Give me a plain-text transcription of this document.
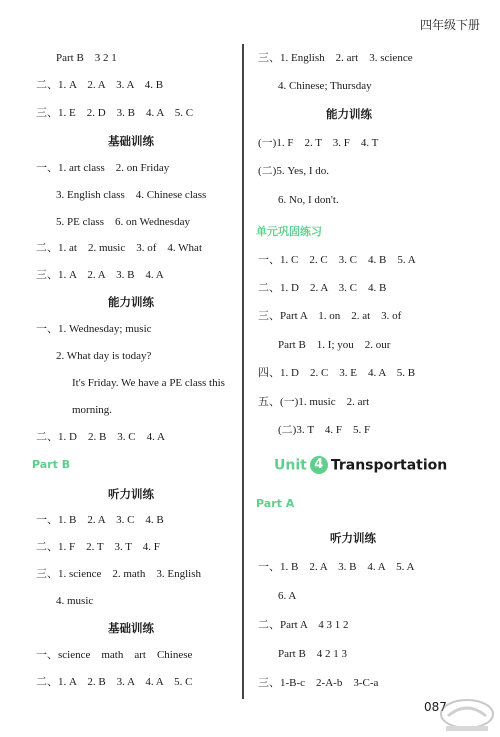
四年级下册
Part B　3 2 1
二、1. A　2. A　3. A　4. B
三、1. E　2. D　3. B　4. A　5. C
基础训练
一、1. art class　2. on Friday
3. English class　4. Chinese class
5. PE class　6. on Wednesday
二、1. at　2. music　3. of　4. What
三、1. A　2. A　3. B　4. A
能力训练
一、1. Wednesday; music
2. What day is today?
It's Friday. We have a PE class this
morning.
二、1. D　2. B　3. C　4. A
Part B
听力训练
一、1. B　2. A　3. C　4. B
二、1. F　2. T　3. T　4. F
三、1. science　2. math　3. English
4. music
基础训练
一、science　math　art　Chinese
二、1. A　2. B　3. A　4. A　5. C
三、1. English　2. art　3. science
4. Chinese; Thursday
能力训练
(一)1. F　2. T　3. F　4. T
(二)5. Yes, I do.
6. No, I don't.
单元巩固练习
一、1. C　2. C　3. C　4. B　5. A
二、1. D　2. A　3. C　4. B
三、Part A　1. on　2. at　3. of
Part B　1. I; you　2. our
四、1. D　2. C　3. E　4. A　5. B
五、(一)1. music　2. art
(二)3. T　4. F　5. F
Unit 4 Transportation
Part A
听力训练
一、1. B　2. A　3. B　4. A　5. A
6. A
二、Part A　4 3 1 2
Part B　4 2 1 3
三、1-B-c　2-A-b　3-C-a
087
